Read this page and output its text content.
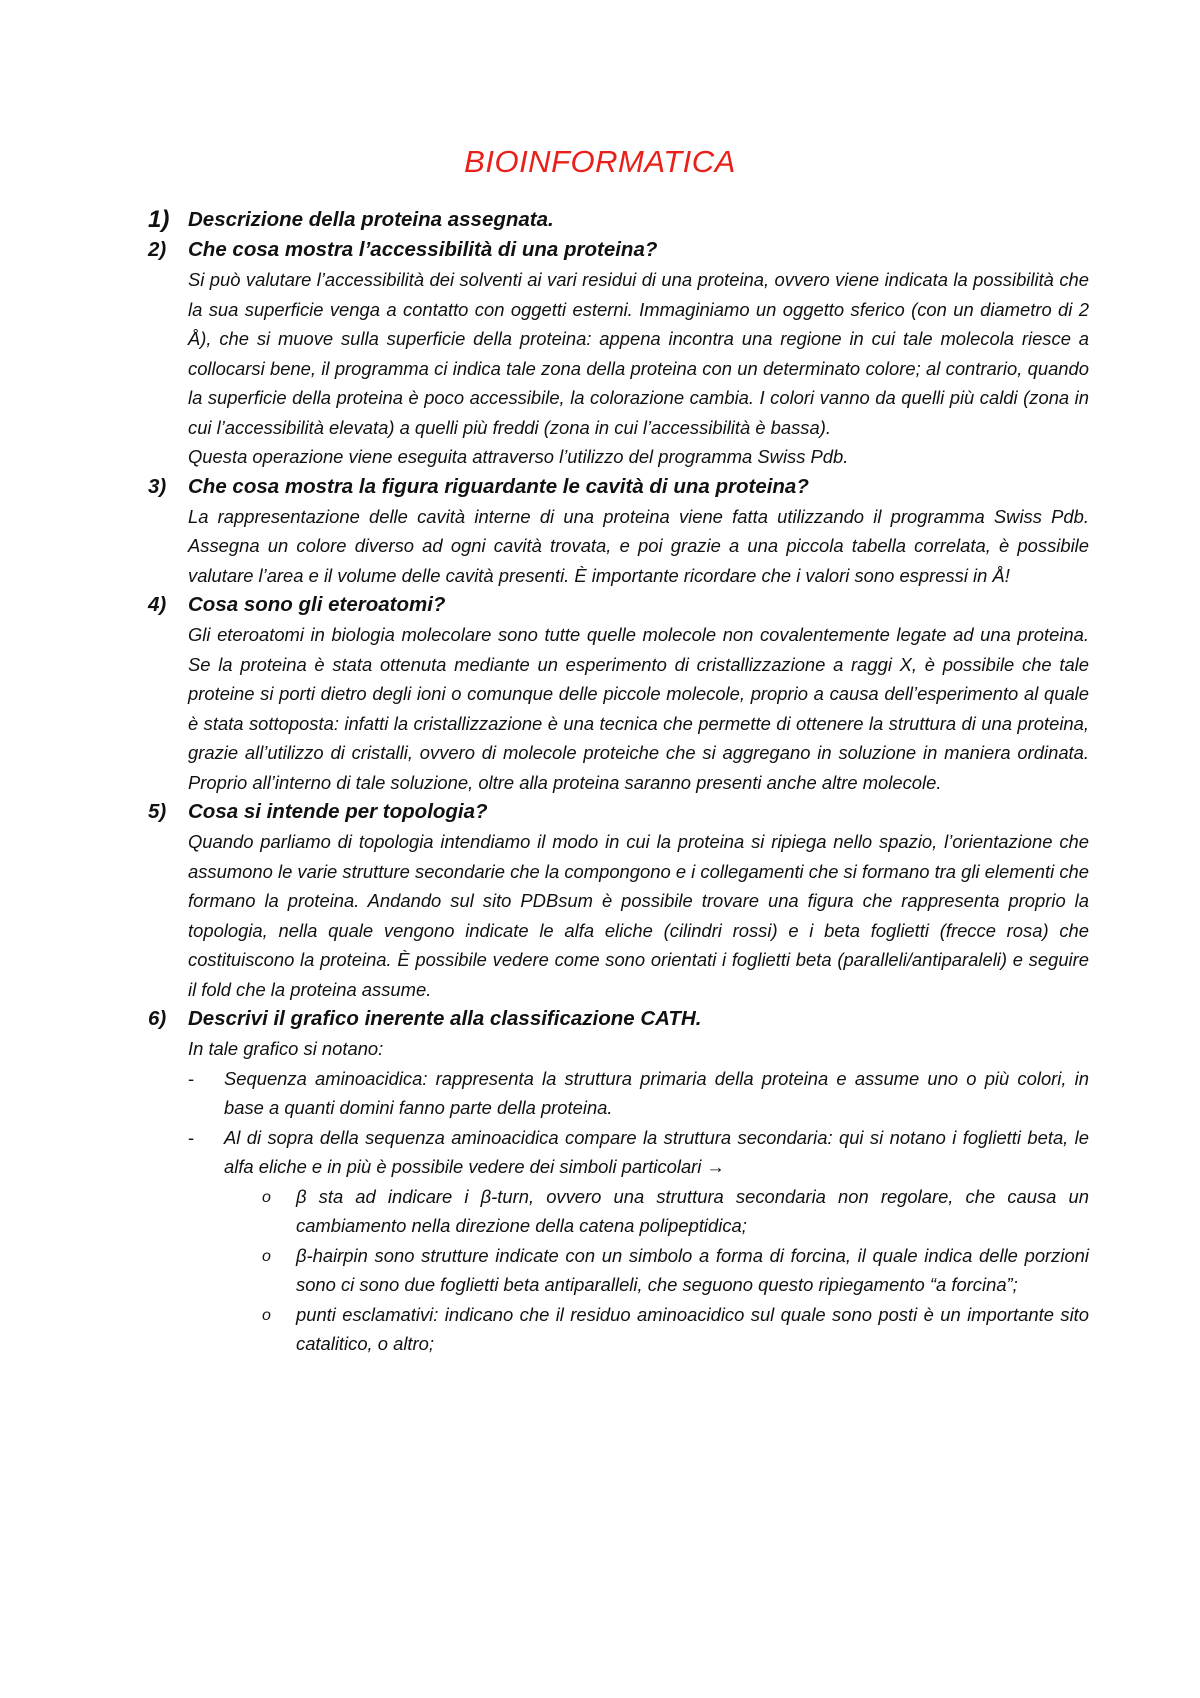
BIOINFORMATICA
1) Descrizione della proteina assegnata.
2) Che cosa mostra l’accessibilità di una proteina?

Si può valutare l’accessibilità dei solventi ai vari residui di una proteina, ovvero viene indicata la possibilità che la sua superficie venga a contatto con oggetti esterni. Immaginiamo un oggetto sferico (con un diametro di 2 Å), che si muove sulla superficie della proteina: appena incontra una regione in cui tale molecola riesce a collocarsi bene, il programma ci indica tale zona della proteina con un determinato colore; al contrario, quando la superficie della proteina è poco accessibile, la colorazione cambia. I colori vanno da quelli più caldi (zona in cui l’accessibilità elevata) a quelli più freddi (zona in cui l’accessibilità è bassa).

Questa operazione viene eseguita attraverso l’utilizzo del programma Swiss Pdb.

3) Che cosa mostra la figura riguardante le cavità di una proteina?

La rappresentazione delle cavità interne di una proteina viene fatta utilizzando il programma Swiss Pdb. Assegna un colore diverso ad ogni cavità trovata, e poi grazie a una piccola tabella correlata, è possibile valutare l’area e il volume delle cavità presenti. È importante ricordare che i valori sono espressi in Å!

4) Cosa sono gli eteroatomi?

Gli eteroatomi in biologia molecolare sono tutte quelle molecole non covalentemente legate ad una proteina. Se la proteina è stata ottenuta mediante un esperimento di cristallizzazione a raggi X, è possibile che tale proteine si porti dietro degli ioni o comunque delle piccole molecole, proprio a causa dell’esperimento al quale è stata sottoposta: infatti la cristallizzazione è una tecnica che permette di ottenere la struttura di una proteina, grazie all’utilizzo di cristalli, ovvero di molecole proteiche che si aggregano in soluzione in maniera ordinata. Proprio all’interno di tale soluzione, oltre alla proteina saranno presenti anche altre molecole.

5) Cosa si intende per topologia?

Quando parliamo di topologia intendiamo il modo in cui la proteina si ripiega nello spazio, l’orientazione che assumono le varie strutture secondarie che la compongono e i collegamenti che si formano tra gli elementi che formano la proteina. Andando sul sito PDBsum è possibile trovare una figura che rappresenta proprio la topologia, nella quale vengono indicate le alfa eliche (cilindri rossi) e i beta foglietti (frecce rosa) che costituiscono la proteina. È possibile vedere come sono orientati i foglietti beta (paralleli/antiparaleli) e seguire il fold che la proteina assume.

6) Descrivi il grafico inerente alla classificazione CATH.

In tale grafico si notano:

- Sequenza aminoacidica: rappresenta la struttura primaria della proteina e assume uno o più colori, in base a quanti domini fanno parte della proteina.
- Al di sopra della sequenza aminoacidica compare la struttura secondaria: qui si notano i foglietti beta, le alfa eliche e in più è possibile vedere dei simboli particolari →
o β sta ad indicare i β-turn, ovvero una struttura secondaria non regolare, che causa un cambiamento nella direzione della catena polipeptidica;
o β-hairpin sono strutture indicate con un simbolo a forma di forcina, il quale indica delle porzioni sono ci sono due foglietti beta antiparalleli, che seguono questo ripiegamento “a forcina”;
o punti esclamativi: indicano che il residuo aminoacidico sul quale sono posti è un importante sito catalitico, o altro;
